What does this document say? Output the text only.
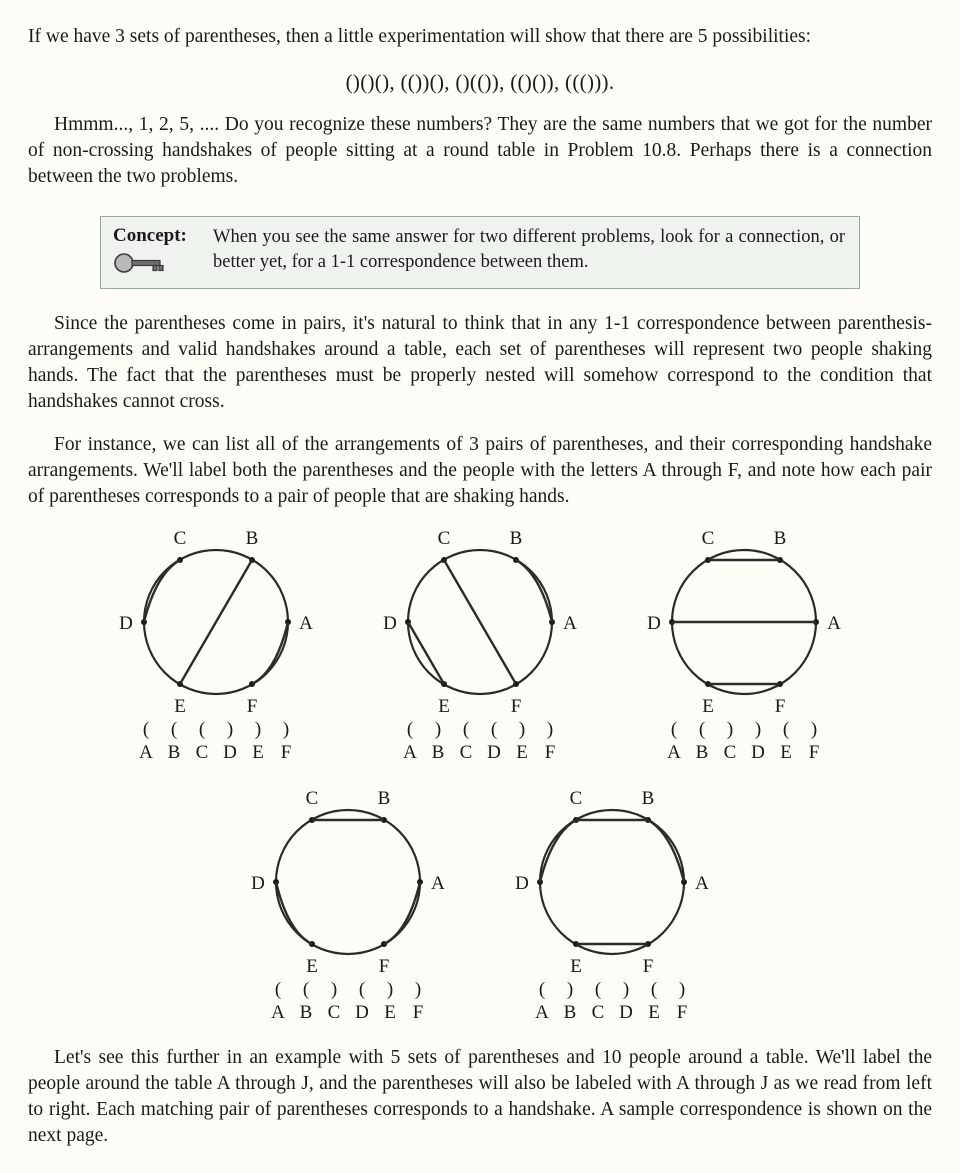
If we have 3 sets of parentheses, then a little experimentation will show that there are 5 possibilities:

()()(), (())(), ()(()), (()()), ((())).

Hmmm..., 1, 2, 5, .... Do you recognize these numbers? They are the same numbers that we got for the number of non-crossing handshakes of people sitting at a round table in Problem 10.8. Perhaps there is a connection between the two problems.

Concept:	When you see the same answer for two different problems, look for a connection, or better yet, for a 1-1 correspondence between them.

Since the parentheses come in pairs, it's natural to think that in any 1-1 correspondence between parenthesis-arrangements and valid handshakes around a table, each set of parentheses will represent two people shaking hands. The fact that the parentheses must be properly nested will somehow correspond to the condition that handshakes cannot cross.

For instance, we can list all of the arrangements of 3 pairs of parentheses, and their corresponding handshake arrangements. We'll label both the parentheses and the people with the letters A through F, and note how each pair of parentheses corresponds to a pair of people that are shaking hands.

C	B
D	A
E	F
(	(	(	)	)	)
A B C D E F
C	B
D	A
E	F
(	)	(	(	)	)
A B C D E F
C	B
D	A
E	F
(	(	)	)	(	)
A B C D E F
C	B
D	A
E	F
(	(	)	(	)	)
A B C D E F
C	B
D	A
E	F
(	)	(	)	(	)
A B C D E F

Let's see this further in an example with 5 sets of parentheses and 10 people around a table. We'll label the people around the table A through J, and the parentheses will also be labeled with A through J as we read from left to right. Each matching pair of parentheses corresponds to a handshake. A sample correspondence is shown on the next page.
